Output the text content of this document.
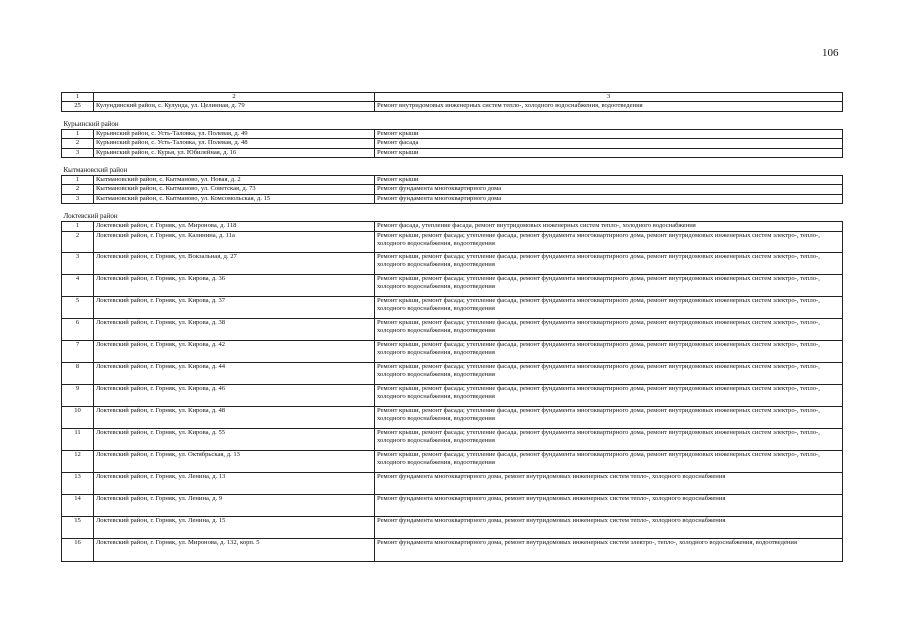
106
1	2	3
25	Кулундинский район, с. Кулунда, ул. Целинная, д. 79	Ремонт внутридомовых инженерных систем тепло-, холодного водоснабжения, водоотведения
Курьинский район		
1	Курьинский район, с. Усть-Таловка, ул. Полевая, д. 49	Ремонт крыши
2	Курьинский район, с. Усть-Таловка, ул. Полевая, д. 48	Ремонт фасада
3	Курьинский район, с. Курья, ул. Юбилейная, д. 16	Ремонт крыши
Кытмановский район		
1	Кытмановский район, с. Кытманово, ул. Новая, д. 2	Ремонт крыши
2	Кытмановский район, с. Кытманово, ул. Советская, д. 73	Ремонт фундамента многоквартирного дома
3	Кытмановский район, с. Кытманово, ул. Комсомольская, д. 15	Ремонт фундамента многоквартирного дома
Локтевский район		
1	Локтевский район, г. Горняк, ул. Миронова, д. 118	Ремонт фасада, утепление фасада, ремонт внутридомовых инженерных систем тепло-, холодного водоснабжения
2	Локтевский район, г. Горняк, ул. Калинина, д. 11а	Ремонт крыши, ремонт фасада; утепление фасада, ремонт фундамента многоквартирного дома, ремонт внутридомовых инженерных систем электро-, тепло-, холодного водоснабжения, водоотведения
3	Локтевский район, г. Горняк, ул. Вокзальная, д. 27	Ремонт крыши, ремонт фасада; утепление фасада, ремонт фундамента многоквартирного дома, ремонт внутридомовых инженерных систем электро-, тепло-, холодного водоснабжения, водоотведения
4	Локтевский район, г. Горняк, ул. Кирова, д. 36	Ремонт крыши, ремонт фасада; утепление фасада, ремонт фундамента многоквартирного дома, ремонт внутридомовых инженерных систем электро-, тепло-, холодного водоснабжения, водоотведения
5	Локтевский район, г. Горняк, ул. Кирова, д. 37	Ремонт крыши, ремонт фасада; утепление фасада, ремонт фундамента многоквартирного дома, ремонт внутридомовых инженерных систем электро-, тепло-, холодного водоснабжения, водоотведения
6	Локтевский район, г. Горняк, ул. Кирова, д. 38	Ремонт крыши, ремонт фасада; утепление фасада, ремонт фундамента многоквартирного дома, ремонт внутридомовых инженерных систем электро-, тепло-, холодного водоснабжения, водоотведения
7	Локтевский район, г. Горняк, ул. Кирова, д. 42	Ремонт крыши, ремонт фасада; утепление фасада, ремонт фундамента многоквартирного дома, ремонт внутридомовых инженерных систем электро-, тепло-, холодного водоснабжения, водоотведения
8	Локтевский район, г. Горняк, ул. Кирова, д. 44	Ремонт крыши, ремонт фасада; утепление фасада, ремонт фундамента многоквартирного дома, ремонт внутридомовых инженерных систем электро-, тепло-, холодного водоснабжения, водоотведения
9	Локтевский район, г. Горняк, ул. Кирова, д. 46	Ремонт крыши, ремонт фасада; утепление фасада, ремонт фундамента многоквартирного дома, ремонт внутридомовых инженерных систем электро-, тепло-, холодного водоснабжения, водоотведения
10	Локтевский район, г. Горняк, ул. Кирова, д. 48	Ремонт крыши, ремонт фасада; утепление фасада, ремонт фундамента многоквартирного дома, ремонт внутридомовых инженерных систем электро-, тепло-, холодного водоснабжения, водоотведения
11	Локтевский район, г. Горняк, ул. Кирова, д. 55	Ремонт крыши, ремонт фасада; утепление фасада, ремонт фундамента многоквартирного дома, ремонт внутридомовых инженерных систем электро-, тепло-, холодного водоснабжения, водоотведения
12	Локтевский район, г. Горняк, ул. Октябрьская, д. 13	Ремонт крыши, ремонт фасада; утепление фасада, ремонт фундамента многоквартирного дома, ремонт внутридомовых инженерных систем электро-, тепло-, холодного водоснабжения, водоотведения
13	Локтевский район, г. Горняк, ул. Ленина, д. 13	Ремонт фундамента многоквартирного дома, ремонт внутридомовых инженерных систем тепло-, холодного водоснабжения
14	Локтевский район, г. Горняк, ул. Ленина, д. 9	Ремонт фундамента многоквартирного дома, ремонт внутридомовых инженерных систем тепло-, холодного водоснабжения
15	Локтевский район, г. Горняк, ул. Ленина, д. 15	Ремонт фундамента многоквартирного дома, ремонт внутридомовых инженерных систем тепло-, холодного водоснабжения
16	Локтевский район, г. Горняк, ул. Миронова, д. 132, корп. 5	Ремонт фундамента многоквартирного дома, ремонт внутридомовых инженерных систем электро-, тепло-, холодного водоснабжения, водоотведения
